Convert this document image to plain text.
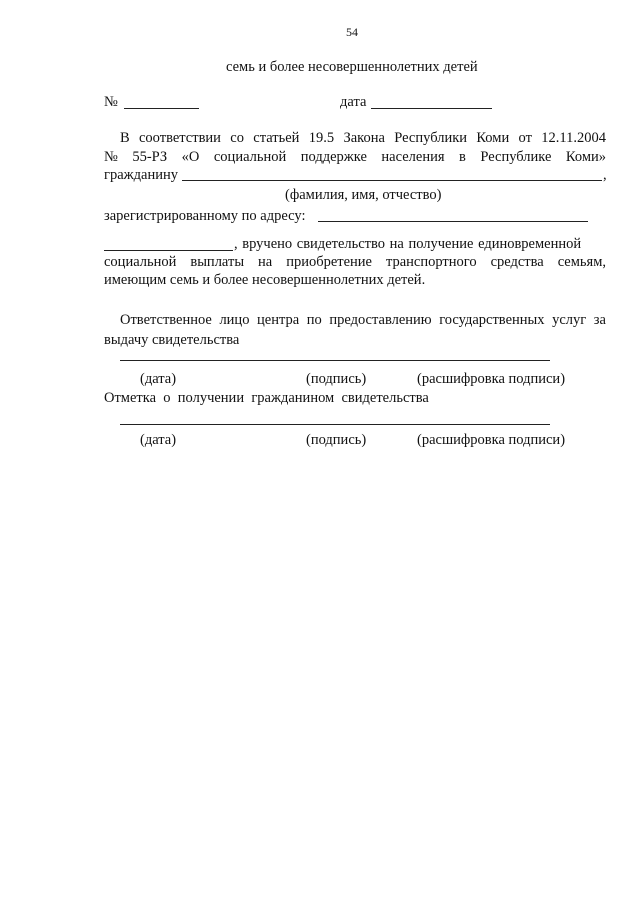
54
семь и более несовершеннолетних детей
№	дата
В соответствии со статьей 19.5 Закона Республики Коми от 12.11.2004
№ 55-РЗ «О социальной поддержке населения в Республике Коми»
гражданину	,
(фамилия, имя, отчество)
зарегистрированному по адресу:
, вручено свидетельство на получение единовременной
социальной выплаты на приобретение транспортного средства семьям,
имеющим семь и более несовершеннолетних детей.
Ответственное лицо центра по предоставлению государственных услуг за
выдачу свидетельства
(дата)	(подпись)	(расшифровка подписи)
Отметка  о  получении  гражданином  свидетельства
(дата)	(подпись)	(расшифровка подписи)
